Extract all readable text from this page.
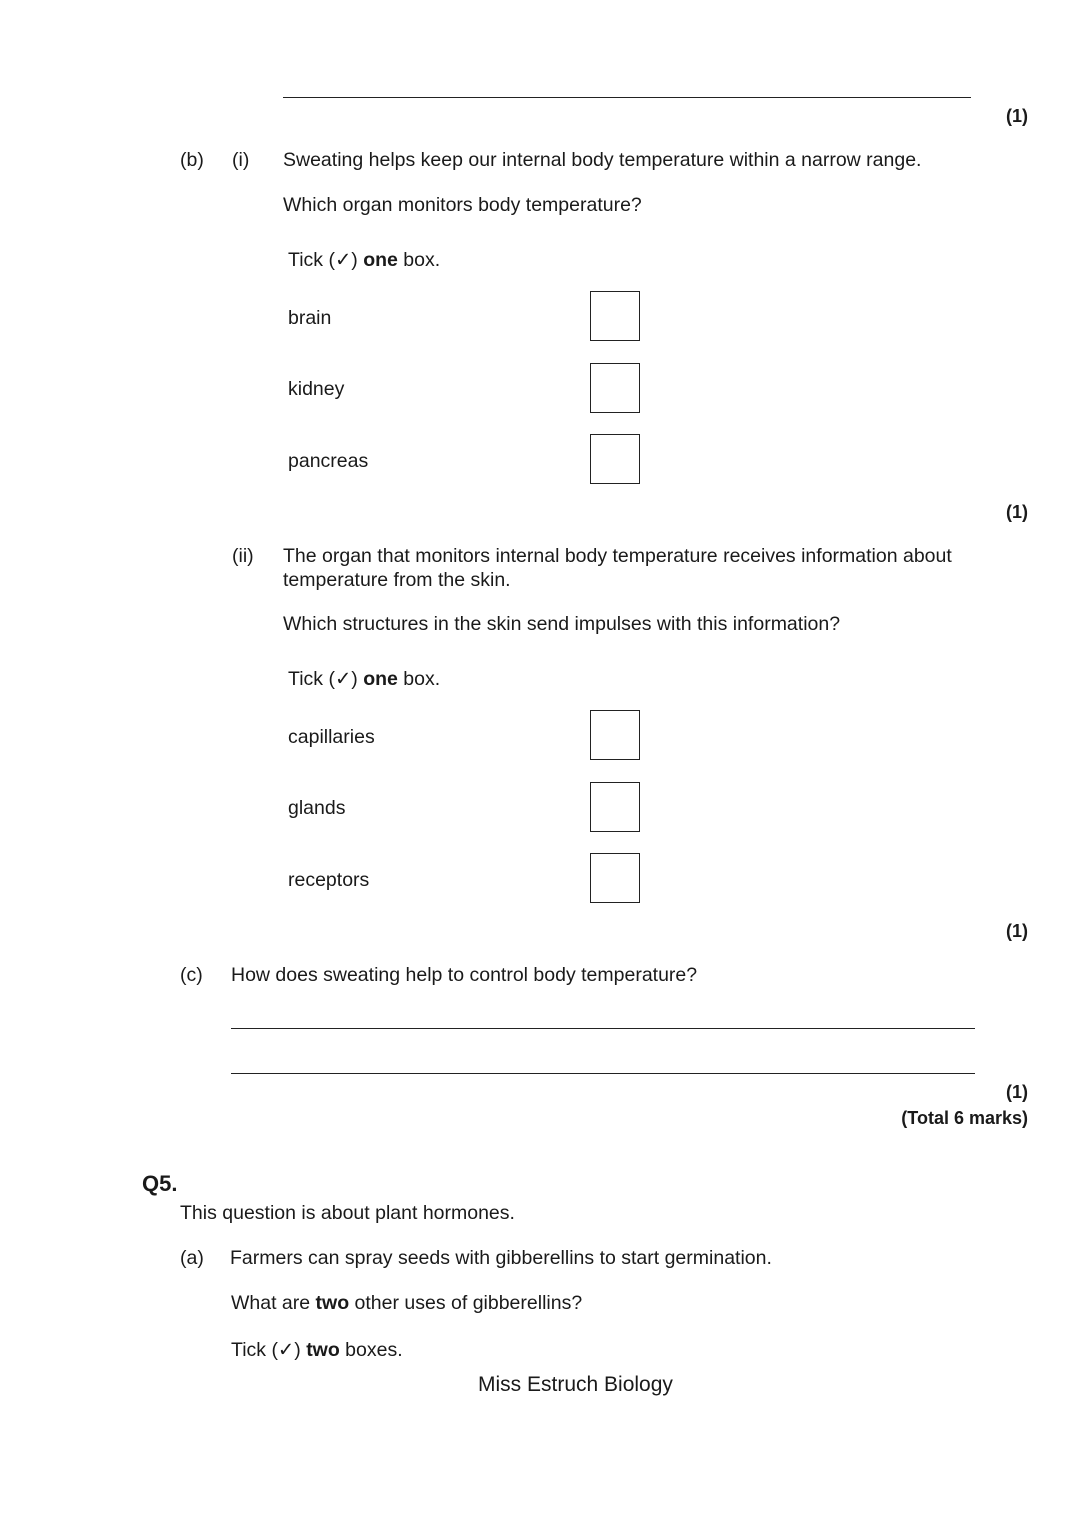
(1)
(b) (i) Sweating helps keep our internal body temperature within a narrow range.
Which organ monitors body temperature?
Tick (✓) one box.
brain
kidney
pancreas
(1)
(ii) The organ that monitors internal body temperature receives information about
temperature from the skin.
Which structures in the skin send impulses with this information?
Tick (✓) one box.
capillaries
glands
receptors
(1)
(c) How does sweating help to control body temperature?
(1)
(Total 6 marks)
Q5.
This question is about plant hormones.
(a) Farmers can spray seeds with gibberellins to start germination.
What are two other uses of gibberellins?
Tick (✓) two boxes.
Miss Estruch Biology
